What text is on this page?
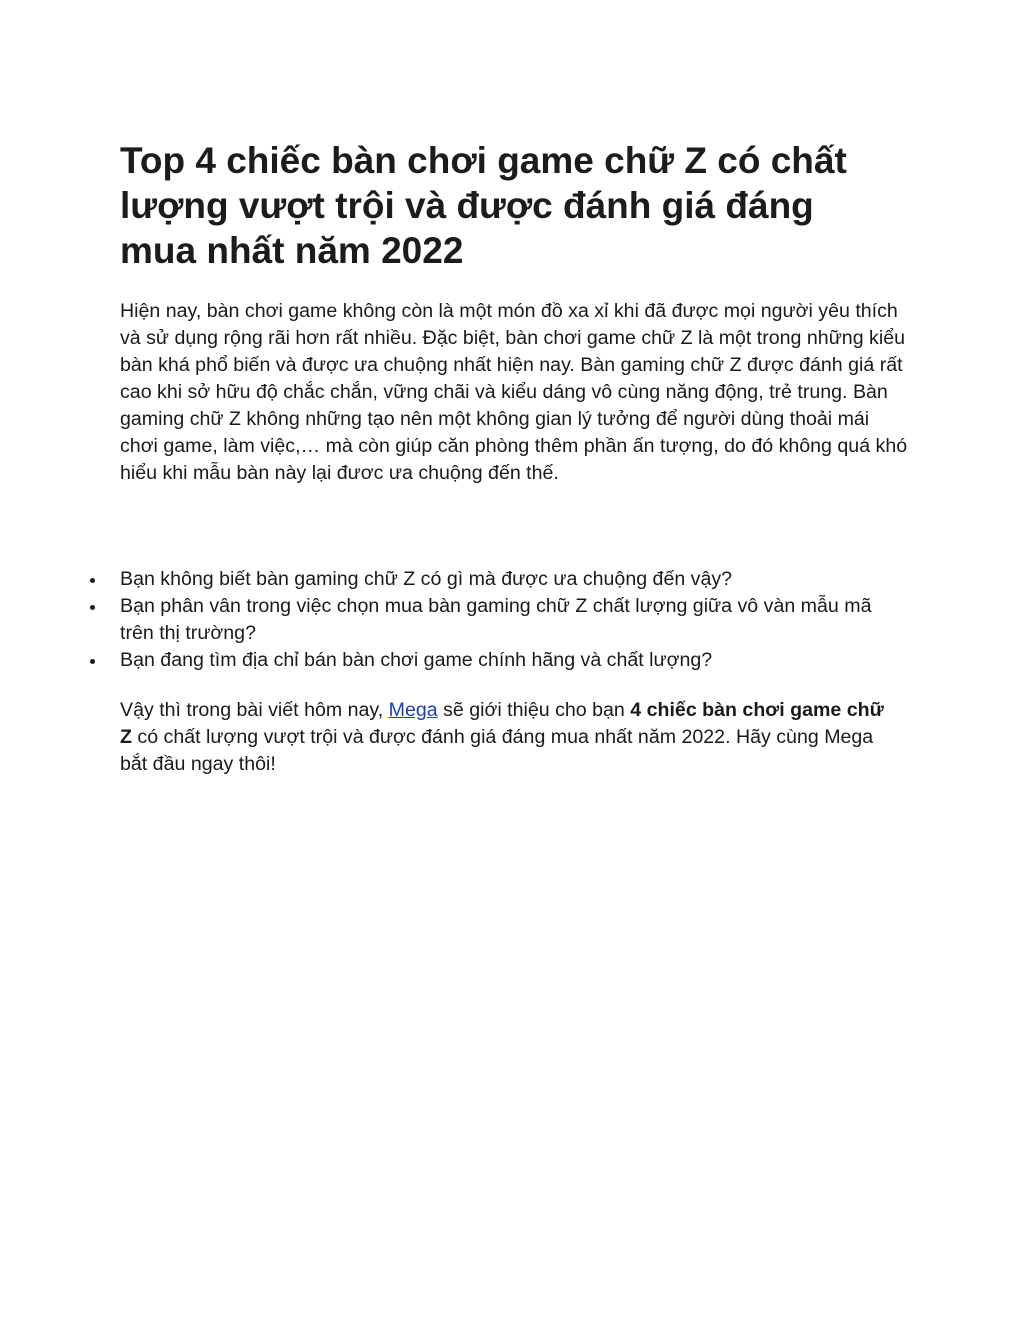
Top 4 chiếc bàn chơi game chữ Z có chất lượng vượt trội và được đánh giá đáng mua nhất năm 2022

Hiện nay, bàn chơi game không còn là một món đồ xa xỉ khi đã được mọi người yêu thích và sử dụng rộng rãi hơn rất nhiều. Đặc biệt, bàn chơi game chữ Z là một trong những kiểu bàn khá phổ biến và được ưa chuộng nhất hiện nay. Bàn gaming chữ Z được đánh giá rất cao khi sở hữu độ chắc chắn, vững chãi và kiểu dáng vô cùng năng động, trẻ trung. Bàn gaming chữ Z không những tạo nên một không gian lý tưởng để người dùng thoải mái chơi game, làm việc,… mà còn giúp căn phòng thêm phần ấn tượng, do đó không quá khó hiểu khi mẫu bàn này lại đươc ưa chuộng đến thế.

Bạn không biết bàn gaming chữ Z có gì mà được ưa chuộng đến vậy?
Bạn phân vân trong việc chọn mua bàn gaming chữ Z chất lượng giữa vô vàn mẫu mã trên thị trường?
Bạn đang tìm địa chỉ bán bàn chơi game chính hãng và chất lượng?

Vậy thì trong bài viết hôm nay, Mega sẽ giới thiệu cho bạn 4 chiếc bàn chơi game chữ Z có chất lượng vượt trội và được đánh giá đáng mua nhất năm 2022. Hãy cùng Mega bắt đầu ngay thôi!
